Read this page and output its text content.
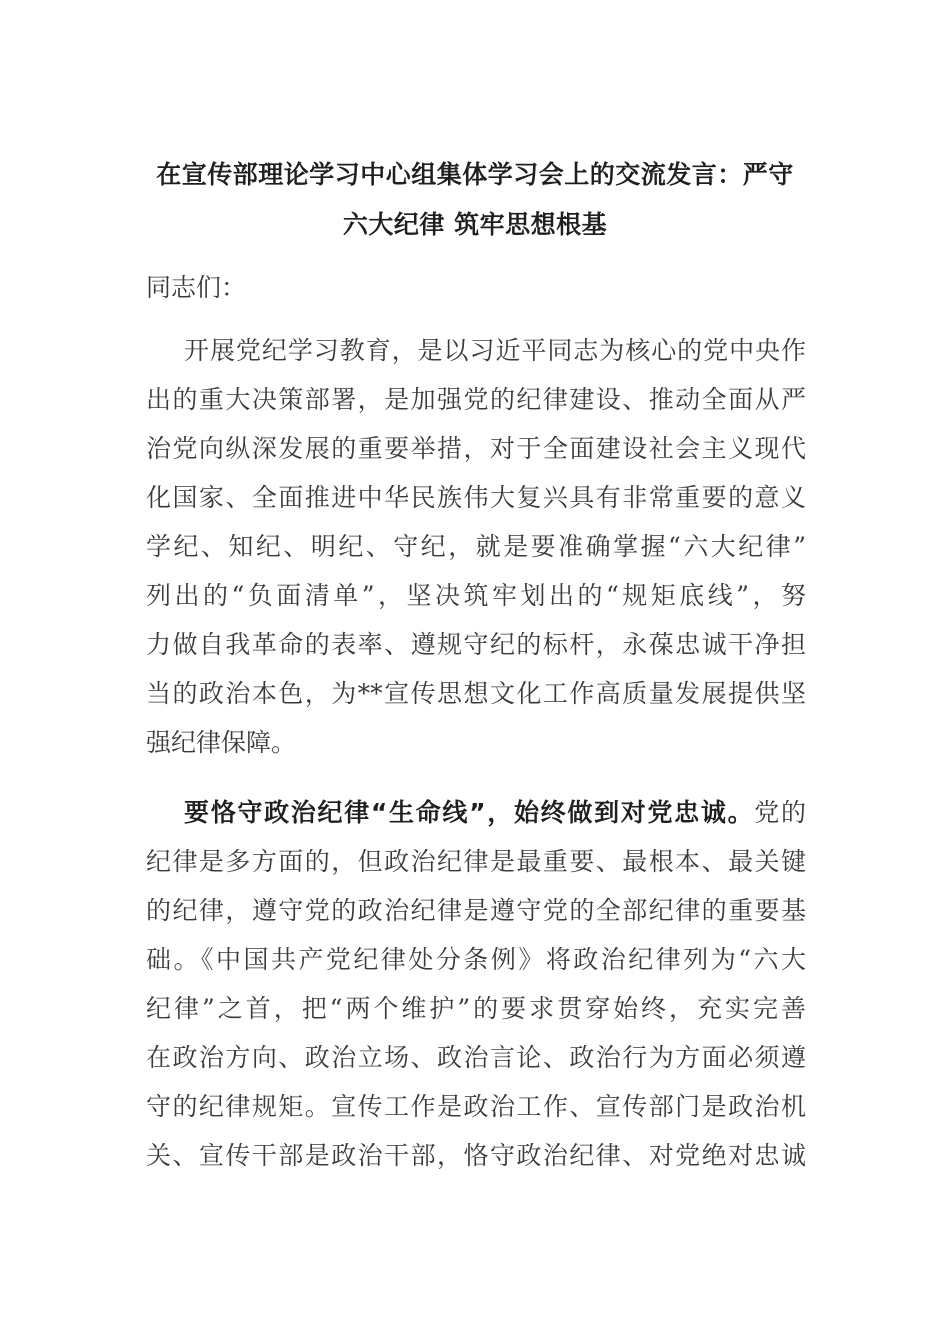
在宣传部理论学习中心组集体学习会上的交流发言：严守
六大纪律 筑牢思想根基
同志们：
开展党纪学习教育，是以习近平同志为核心的党中央作
出的重大决策部署，是加强党的纪律建设、推动全面从严
治党向纵深发展的重要举措，对于全面建设社会主义现代
化国家、全面推进中华民族伟大复兴具有非常重要的意义
学纪、知纪、明纪、守纪，就是要准确掌握“六大纪律”
列出的“负面清单”，坚决筑牢划出的“规矩底线”，努
力做自我革命的表率、遵规守纪的标杆，永葆忠诚干净担
当的政治本色，为**宣传思想文化工作高质量发展提供坚
强纪律保障。
要恪守政治纪律“生命线”，始终做到对党忠诚。党的
纪律是多方面的，但政治纪律是最重要、最根本、最关键
的纪律，遵守党的政治纪律是遵守党的全部纪律的重要基
础。《中国共产党纪律处分条例》将政治纪律列为“六大
纪律”之首，把“两个维护”的要求贯穿始终，充实完善
在政治方向、政治立场、政治言论、政治行为方面必须遵
守的纪律规矩。宣传工作是政治工作、宣传部门是政治机
关、宣传干部是政治干部，恪守政治纪律、对党绝对忠诚
